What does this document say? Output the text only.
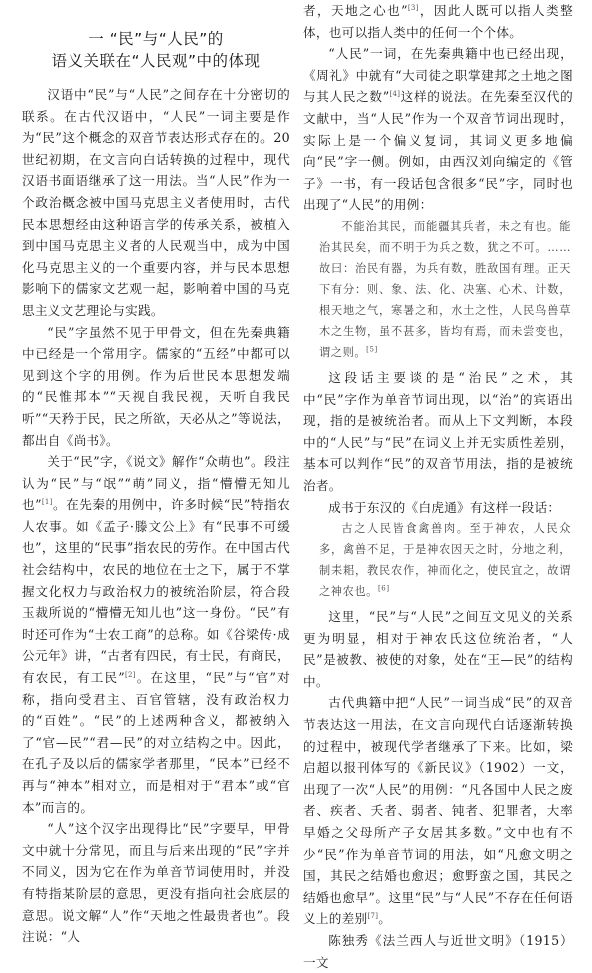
一 “民”与“人民”的
语义关联在“人民观”中的体现

汉语中“民”与“人民”之间存在十分密切的联系。在古代汉语中，“人民”一词主要是作为“民”这个概念的双音节表达形式存在的。20 世纪初期，在文言向白话转换的过程中，现代汉语书面语继承了这一用法。当“人民”作为一个政治概念被中国马克思主义者使用时，古代民本思想经由这种语言学的传承关系，被植入到中国马克思主义者的人民观当中，成为中国化马克思主义的一个重要内容，并与民本思想影响下的儒家文艺观一起，影响着中国的马克思主义文艺理论与实践。

“民”字虽然不见于甲骨文，但在先秦典籍中已经是一个常用字。儒家的“五经”中都可以见到这个字的用例。作为后世民本思想发端的“民惟邦本”“天视自我民视，天听自我民听”“天矜于民，民之所欲，天必从之”等说法，都出自《尚书》。

关于“民”字，《说文》解作“众萌也”。段注认为“民”与“氓”“萌”同义，指“懵懵无知儿也”[1]。在先秦的用例中，许多时候“民”特指农人农事。如《孟子·滕文公上》有“民事不可缓也”，这里的“民事”指农民的劳作。在中国古代社会结构中，农民的地位在士之下，属于不掌握文化权力与政治权力的被统治阶层，符合段玉裁所说的“懵懵无知儿也”这一身份。“民”有时还可作为“士农工商”的总称。如《谷梁传·成公元年》讲，“古者有四民，有士民，有商民，有农民，有工民”[2]。在这里，“民”与“官”对称，指向受君主、百官管辖，没有政治权力的“百姓”。“民”的上述两种含义，都被纳入了“官—民”“君—民”的对立结构之中。因此，在孔子及以后的儒家学者那里，“民本”已经不再与“神本”相对立，而是相对于“君本”或“官本”而言的。

“人”这个汉字出现得比“民”字要早，甲骨文中就十分常见，而且与后来出现的“民”字并不同义，因为它在作为单音节词使用时，并没有特指某阶层的意思，更没有指向社会底层的意思。说文解“人”作“天地之性最贵者也”。段注说：“人

者，天地之心也”[3]，因此人既可以指人类整体，也可以指人类中的任何一个个体。

“人民”一词，在先秦典籍中也已经出现，《周礼》中就有“大司徒之职掌建邦之土地之图与其人民之数”[4]这样的说法。在先秦至汉代的文献中，当“人民”作为一个双音节词出现时，实际上是一个偏义复词，其词义更多地偏向“民”字一侧。例如，由西汉刘向编定的《管子》一书，有一段话包含很多“民”字，同时也出现了“人民”的用例：

不能治其民，而能疆其兵者，未之有也。能治其民矣，而不明于为兵之数，犹之不可。……故曰：治民有器，为兵有数，胜敌国有理。正天下有分：则、象、法、化、决塞、心术、计数，根天地之气，寒暑之和，水土之性，人民鸟兽草木之生物，虽不甚多，皆均有焉，而未尝变也，谓之则。[5]

这段话主要谈的是“治民”之术，其中“民”字作为单音节词出现，以“治”的宾语出现，指的是被统治者。而从上下文判断，本段中的“人民”与“民”在词义上并无实质性差别，基本可以判作“民”的双音节用法，指的是被统治者。

成书于东汉的《白虎通》有这样一段话：

古之人民皆食禽兽肉。至于神农，人民众多，禽兽不足，于是神农因天之时，分地之利，制耒耜，教民农作，神而化之，使民宜之，故谓之神农也。[6]

这里，“民”与“人民”之间互文见义的关系更为明显，相对于神农氏这位统治者，“人民”是被教、被使的对象，处在“王—民”的结构中。

古代典籍中把“人民”一词当成“民”的双音节表达这一用法，在文言向现代白话逐渐转换的过程中，被现代学者继承了下来。比如，梁启超以报刊体写的《新民议》（1902）一文，出现了一次“人民”的用例：“凡各国中人民之废者、疾者、夭者、弱者、钝者、犯罪者，大率早婚之父母所产子女居其多数。”文中也有不少“民”作为单音节词的用法，如“凡愈文明之国，其民之结婚也愈迟；愈野蛮之国，其民之结婚也愈早”。这里“民”与“人民”不存在任何语义上的差别[7]。

陈独秀《法兰西人与近世文明》（1915）一文
